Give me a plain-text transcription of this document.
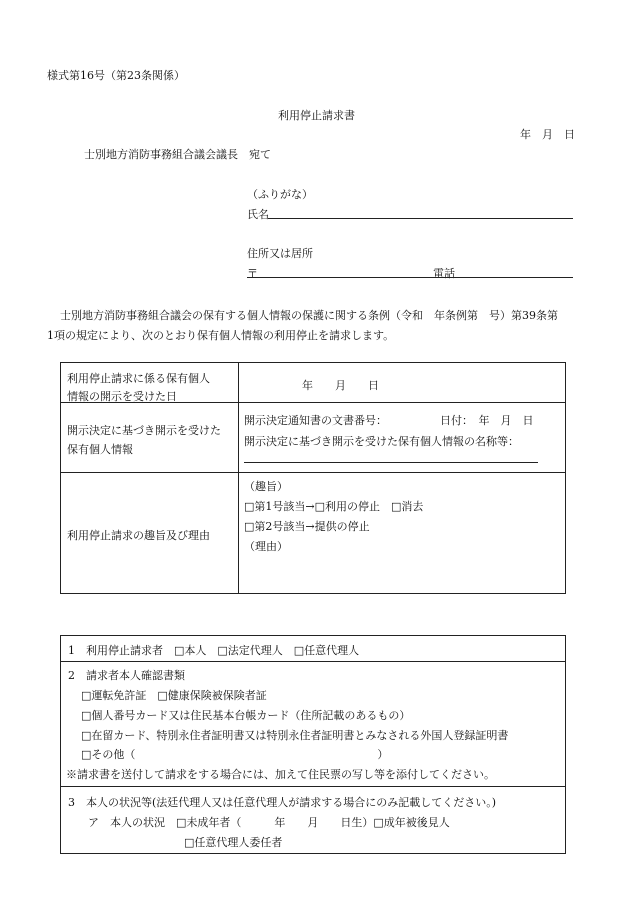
様式第16号（第23条関係）
利用停止請求書
年　月　日
士別地方消防事務組合議会議長　宛て
（ふりがな）
氏名
住所又は居所
〒	電話
士別地方消防事務組合議会の保有する個人情報の保護に関する条例（令和　年条例第　号）第39条第
1項の規定により、次のとおり保有個人情報の利用停止を請求します。
利用停止請求に係る保有個人
情報の開示を受けた日
年　　月　　日
開示決定に基づき開示を受けた
保有個人情報
開示決定通知書の文書番号：	日付：　年　月　日
開示決定に基づき開示を受けた保有個人情報の名称等：
利用停止請求の趣旨及び理由
（趣旨）
□第1号該当→□利用の停止　□消去
□第2号該当→提供の停止
（理由）
1　利用停止請求者　□本人　□法定代理人　□任意代理人
2　請求者本人確認書類
□運転免許証　□健康保険被保険者証
□個人番号カード又は住民基本台帳カード（住所記載のあるもの）
□在留カード、特別永住者証明書又は特別永住者証明書とみなされる外国人登録証明書
□その他（　　　　　　　　　　　　　　　　　　　　　　）
※請求書を送付して請求をする場合には、加えて住民票の写し等を添付してください。
3　本人の状況等(法廷代理人又は任意代理人が請求する場合にのみ記載してください。)
ア　本人の状況　□未成年者（　　　年　　月　　日生）□成年被後見人
□任意代理人委任者
